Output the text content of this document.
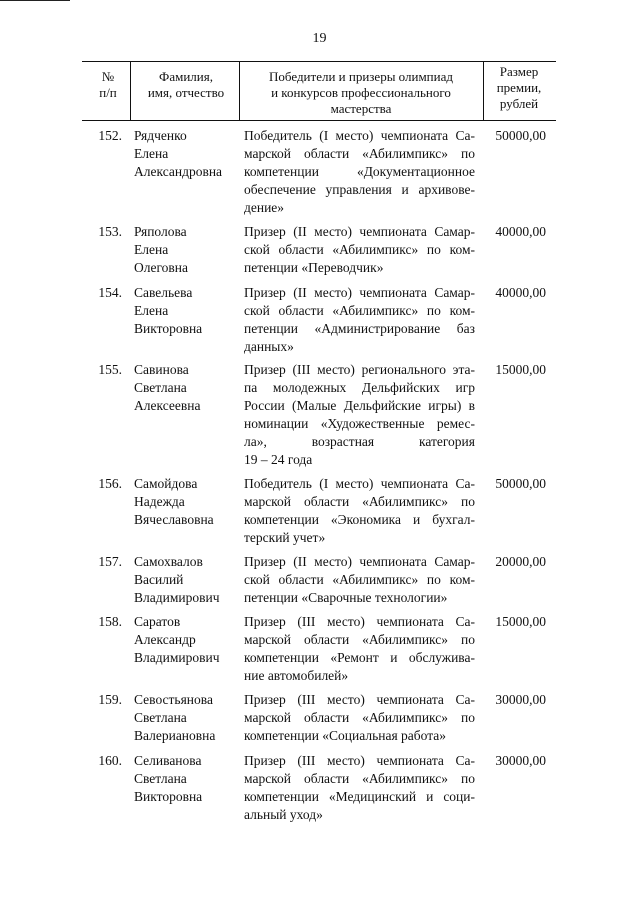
19
№
п/п
Фамилия,
имя, отчество
Победители и призеры олимпиад
и конкурсов профессионального
мастерства
Размер
премии,
рублей
152. Рядченко
Елена
Александровна
Победитель (I место) чемпионата Са-
марской области «Абилимпикс» по
компетенции «Документационное
обеспечение управления и архивове-
дение»
50000,00
153. Ряполова
Елена
Олеговна
Призер (II место) чемпионата Самар-
ской области «Абилимпикс» по ком-
петенции «Переводчик»
40000,00
154. Савельева
Елена
Викторовна
Призер (II место) чемпионата Самар-
ской области «Абилимпикс» по ком-
петенции «Администрирование баз
данных»
40000,00
155. Савинова
Светлана
Алексеевна
Призер (III место) регионального эта-
па молодежных Дельфийских игр
России (Малые Дельфийские игры) в
номинации «Художественные ремес-
ла», возрастная категория
19 – 24 года
15000,00
156. Самойдова
Надежда
Вячеславовна
Победитель (I место) чемпионата Са-
марской области «Абилимпикс» по
компетенции «Экономика и бухгал-
терский учет»
50000,00
157. Самохвалов
Василий
Владимирович
Призер (II место) чемпионата Самар-
ской области «Абилимпикс» по ком-
петенции «Сварочные технологии»
20000,00
158. Саратов
Александр
Владимирович
Призер (III место) чемпионата Са-
марской области «Абилимпикс» по
компетенции «Ремонт и обслужива-
ние автомобилей»
15000,00
159. Севостьянова
Светлана
Валериановна
Призер (III место) чемпионата Са-
марской области «Абилимпикс» по
компетенции «Социальная работа»
30000,00
160. Селиванова
Светлана
Викторовна
Призер (III место) чемпионата Са-
марской области «Абилимпикс» по
компетенции «Медицинский и соци-
альный уход»
30000,00
